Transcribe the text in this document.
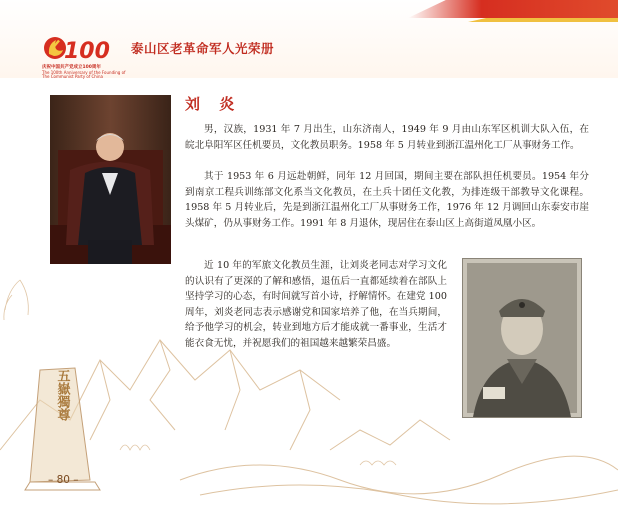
100
庆祝中国共产党成立100周年
The 100th Anniversary of the Founding of
The Communist Party of China
泰山区老革命军人光荣册
五嶽獨尊
刘 炎

男，汉族，1931 年 7 月出生，山东济南人，1949 年 9 月由山东军区机训大队入伍，在皖北阜阳军区任机要员，文化教员职务。1958 年 5 月转业到浙江温州化工厂从事财务工作。

其于 1953 年 6 月远赴朝鲜，同年 12 月回国，期间主要在部队担任机要员。1954 年分到南京工程兵训练部文化系当文化教员，在土兵十团任文化教，为排连级干部教导文化课程。1958 年 5 月转业后，先是到浙江温州化工厂从事财务工作，1976 年 12 月调回山东泰安市崖头煤矿，仍从事财务工作。1991 年 8 月退休，现居住在泰山区上高街道凤凰小区。

近 10 年的军旅文化教员生涯，让刘炎老同志对学习文化的认识有了更深的了解和感悟，退伍后一直都延续着在部队上坚持学习的心态，有时间就写首小诗，抒解情怀。在建党 100周年，刘炎老同志表示感谢党和国家培养了他，在当兵期间，给予他学习的机会，转业到地方后才能成就一番事业，生活才能衣食无忧，并祝愿我们的祖国越来越繁荣昌盛。

– 80 –
